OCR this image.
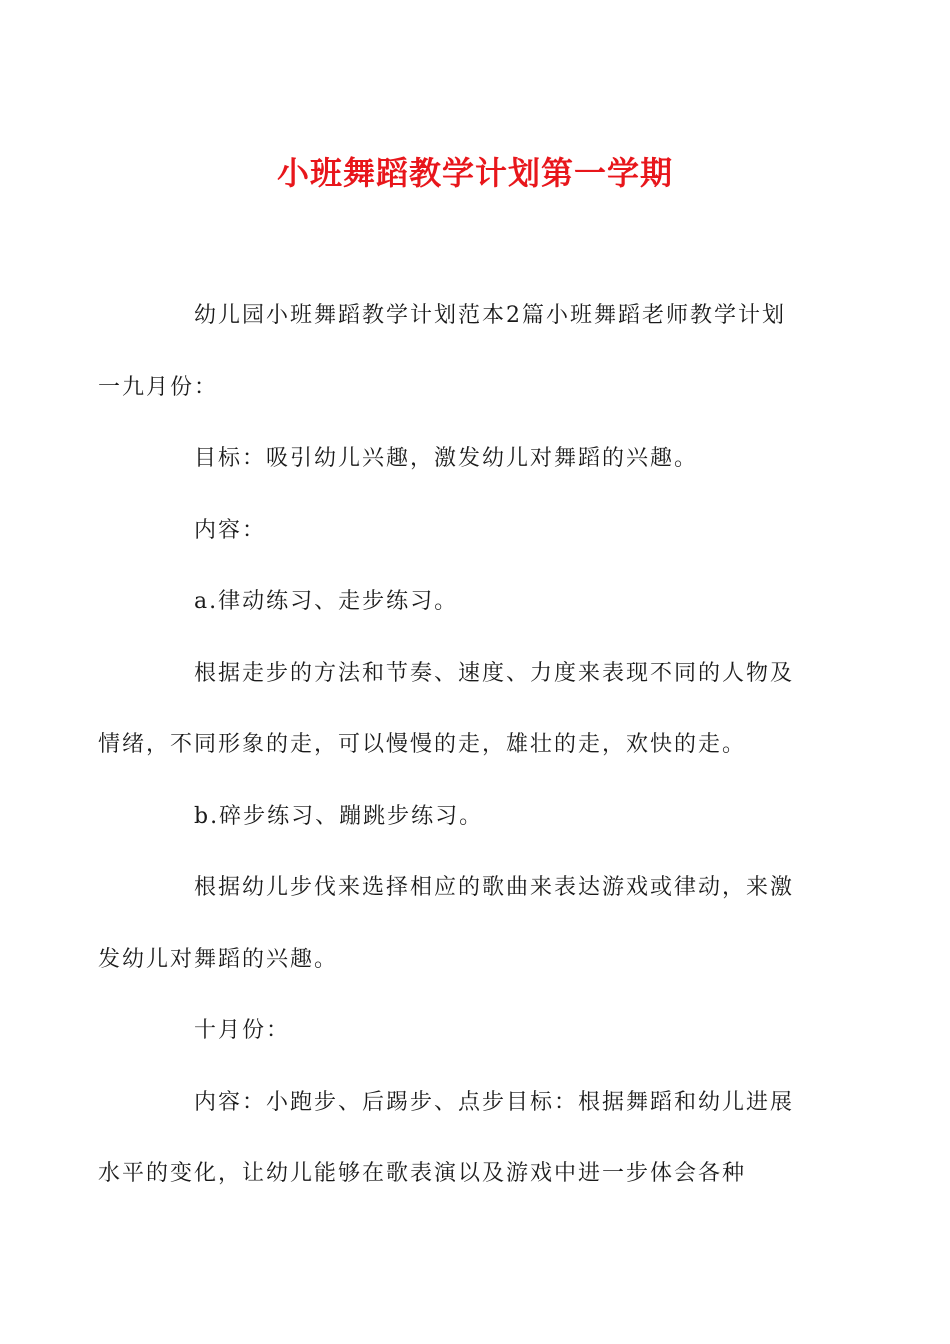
小班舞蹈教学计划第一学期

幼儿园小班舞蹈教学计划范本2篇小班舞蹈老师教学计划
一九月份：

目标：吸引幼儿兴趣，激发幼儿对舞蹈的兴趣。

内容：

a.律动练习、走步练习。

根据走步的方法和节奏、速度、力度来表现不同的人物及
情绪，不同形象的走，可以慢慢的走，雄壮的走，欢快的走。

b.碎步练习、蹦跳步练习。

根据幼儿步伐来选择相应的歌曲来表达游戏或律动，来激
发幼儿对舞蹈的兴趣。

十月份：

内容：小跑步、后踢步、点步目标：根据舞蹈和幼儿进展
水平的变化，让幼儿能够在歌表演以及游戏中进一步体会各种
